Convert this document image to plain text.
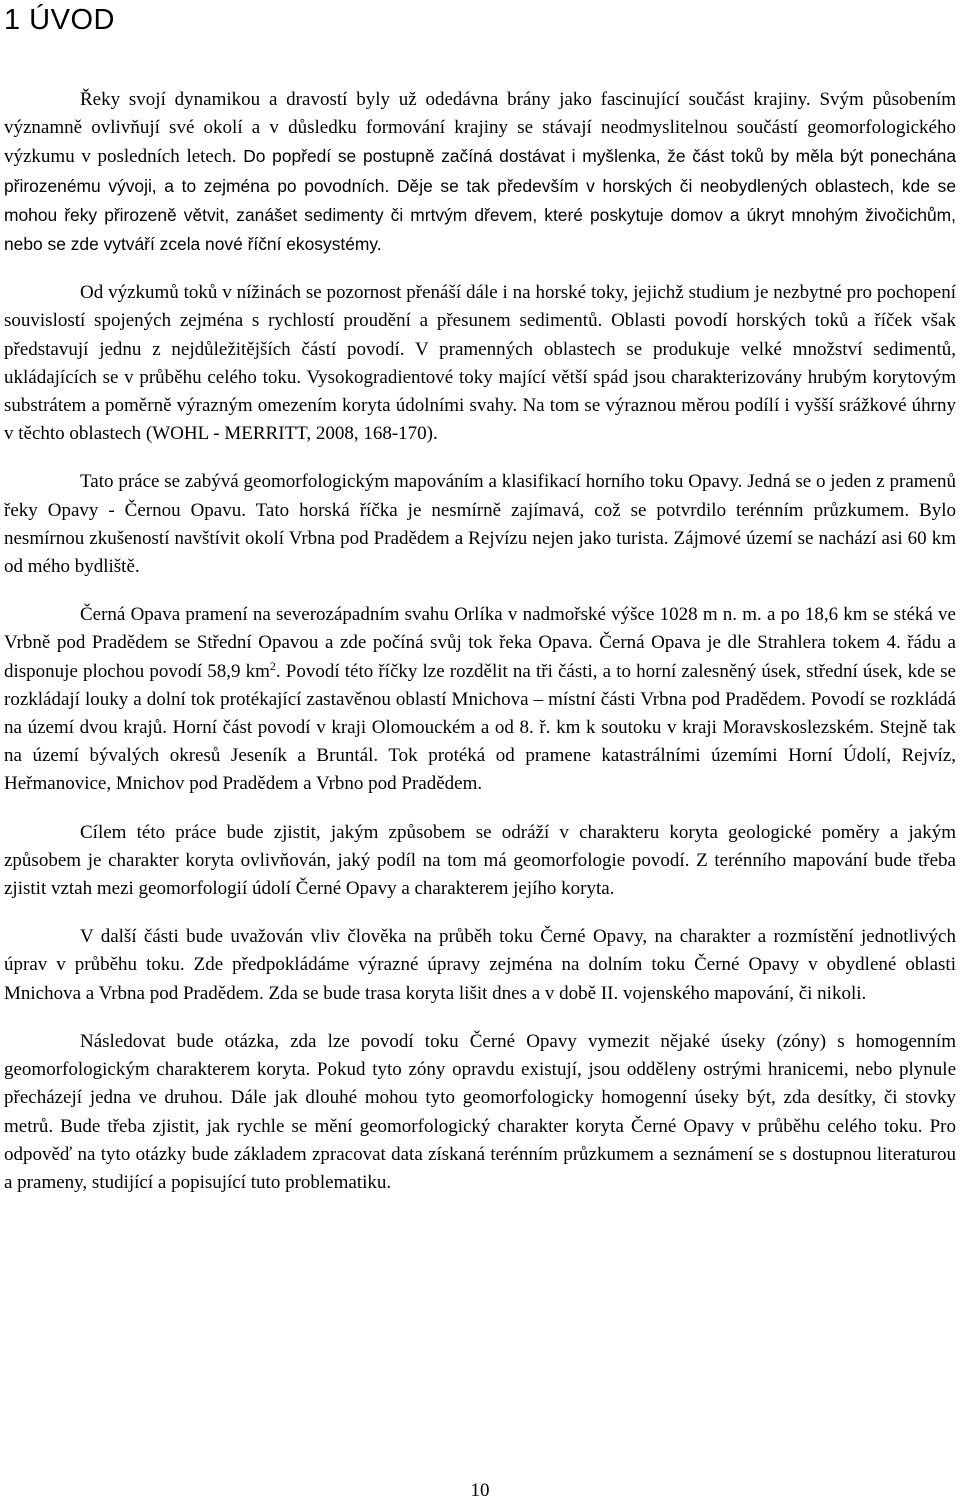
1 ÚVOD

Řeky svojí dynamikou a dravostí byly už odedávna brány jako fascinující součást krajiny. Svým působením významně ovlivňují své okolí a v důsledku formování krajiny se stávají neodmyslitelnou součástí geomorfologického výzkumu v posledních letech. Do popředí se postupně začíná dostávat i myšlenka, že část toků by měla být ponechána přirozenému vývoji, a to zejména po povodních. Děje se tak především v horských či neobydlených oblastech, kde se mohou řeky přirozeně větvit, zanášet sedimenty či mrtvým dřevem, které poskytuje domov a úkryt mnohým živočichům, nebo se zde vytváří zcela nové říční ekosystémy.

Od výzkumů toků v nížinách se pozornost přenáší dále i na horské toky, jejichž studium je nezbytné pro pochopení souvislostí spojených zejména s rychlostí proudění a přesunem sedimentů. Oblasti povodí horských toků a říček však představují jednu z nejdůležitějších částí povodí. V pramenných oblastech se produkuje velké množství sedimentů, ukládajících se v průběhu celého toku. Vysokogradientové toky mající větší spád jsou charakterizovány hrubým korytovým substrátem a poměrně výrazným omezením koryta údolními svahy. Na tom se výraznou měrou podílí i vyšší srážkové úhrny v těchto oblastech (WOHL - MERRITT, 2008, 168-170).

Tato práce se zabývá geomorfologickým mapováním a klasifikací horního toku Opavy. Jedná se o jeden z pramenů řeky Opavy - Černou Opavu. Tato horská říčka je nesmírně zajímavá, což se potvrdilo terénním průzkumem. Bylo nesmírnou zkušeností navštívit okolí Vrbna pod Pradědem a Rejvízu nejen jako turista. Zájmové území se nachází asi 60 km od mého bydliště.

Černá Opava pramení na severozápadním svahu Orlíka v nadmořské výšce 1028 m n. m. a po 18,6 km se stéká ve Vrbně pod Pradědem se Střední Opavou a zde počíná svůj tok řeka Opava. Černá Opava je dle Strahlera tokem 4. řádu a disponuje plochou povodí 58,9 $km^2$. Povodí této říčky lze rozdělit na tři části, a to horní zalesněný úsek, střední úsek, kde se rozkládají louky a dolní tok protékající zastavěnou oblastí Mnichova – místní části Vrbna pod Pradědem. Povodí se rozkládá na území dvou krajů. Horní část povodí v kraji Olomouckém a od 8. ř. km k soutoku v kraji Moravskoslezském. Stejně tak na území bývalých okresů Jeseník a Bruntál. Tok protéká od pramene katastrálními územími Horní Údolí, Rejvíz, Heřmanovice, Mnichov pod Pradědem a Vrbno pod Pradědem.

Cílem této práce bude zjistit, jakým způsobem se odráží v charakteru koryta geologické poměry a jakým způsobem je charakter koryta ovlivňován, jaký podíl na tom má geomorfologie povodí. Z terénního mapování bude třeba zjistit vztah mezi geomorfologií údolí Černé Opavy a charakterem jejího koryta.

V další části bude uvažován vliv člověka na průběh toku Černé Opavy, na charakter a rozmístění jednotlivých úprav v průběhu toku. Zde předpokládáme výrazné úpravy zejména na dolním toku Černé Opavy v obydlené oblasti Mnichova a Vrbna pod Pradědem. Zda se bude trasa koryta lišit dnes a v době II. vojenského mapování, či nikoli.

Následovat bude otázka, zda lze povodí toku Černé Opavy vymezit nějaké úseky (zóny) s homogenním geomorfologickým charakterem koryta. Pokud tyto zóny opravdu existují, jsou odděleny ostrými hranicemi, nebo plynule přecházejí jedna ve druhou. Dále jak dlouhé mohou tyto geomorfologicky homogenní úseky být, zda desítky, či stovky metrů. Bude třeba zjistit, jak rychle se mění geomorfologický charakter koryta Černé Opavy v průběhu celého toku. Pro odpověď na tyto otázky bude základem zpracovat data získaná terénním průzkumem a seznámení se s dostupnou literaturou a prameny, studijící a popisující tuto problematiku.

10
